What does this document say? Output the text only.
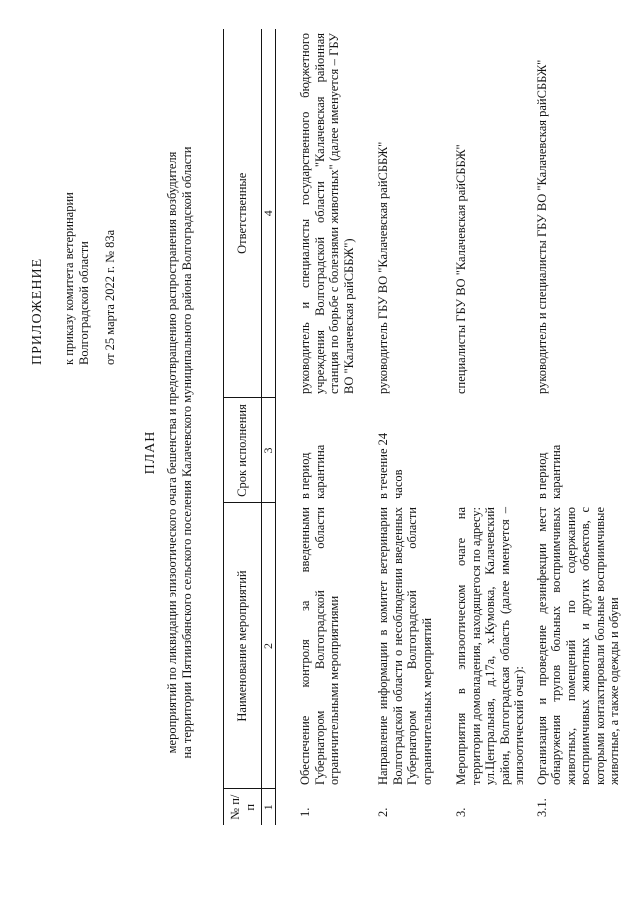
ПРИЛОЖЕНИЕ к приказу комитета ветеринарии Волгоградской области от 25 марта 2022 г. № 83а
ПЛАН мероприятий по ликвидации эпизоотического очага бешенства и предотвращению распространения возбудителя на территории Пятиизбянского сельского поселения Калачевского муниципального района Волгоградской области
№ п/п	Наименование мероприятий	Срок исполнения	Ответственные
1	2	3	4
1.	Обеспечение контроля за введенными Губернатором Волгоградской области ограничительными мероприятиями	в период карантина	руководитель и специалисты государственного бюджетного учреждения Волгоградской области "Калачевская районная станция по борьбе с болезнями животных" (далее именуется – ГБУ ВО "Калачевская райСББЖ")
2.	Направление информации в комитет ветеринарии Волгоградской области о несоблюдении введенных Губернатором Волгоградской области ограничительных мероприятий	в течение 24 часов	руководитель ГБУ ВО "Калачевская райСББЖ"
3.	Мероприятия в эпизоотическом очаге на территории домовладения, находящегося по адресу: ул.Центральная, д.17а, х.Кумовка, Калачевский район, Волгоградская область (далее именуется – эпизоотический очаг):		специалисты ГБУ ВО "Калачевская райСББЖ"
3.1.	Организация и проведение дезинфекции мест обнаружения трупов больных восприимчивых животных, помещений по содержанию восприимчивых животных и других объектов, с которыми контактировали больные восприимчивые животные, а также одежды и обуви	в период карантина	руководитель и специалисты ГБУ ВО "Калачевская райСББЖ"
